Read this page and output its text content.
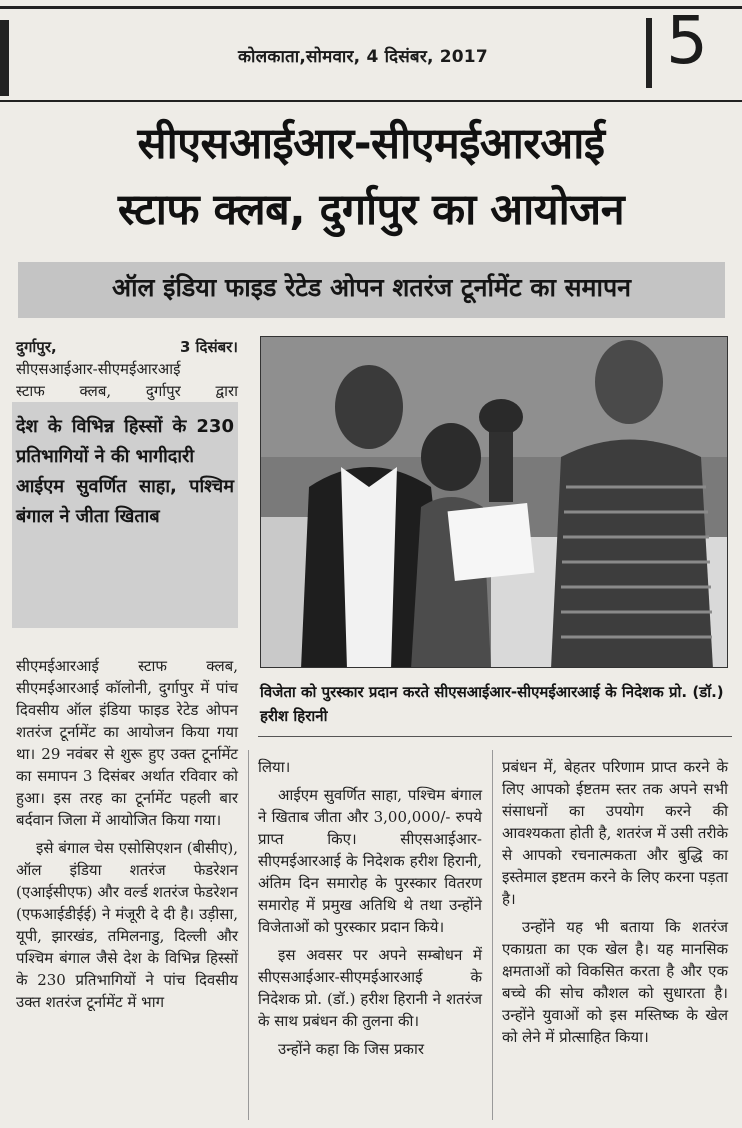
कोलकाता,सोमवार, 4 दिसंबर, 2017	5
सीएसआईआर-सीएमईआरआई
स्टाफ क्लब, दुर्गापुर का आयोजन
ऑल इंडिया फाइड रेटेड ओपन शतरंज टूर्नामेंट का समापन
दुर्गापुर,	3 दिसंबर।
सीएसआईआर-सीएमईआरआई
स्टाफ क्लब, दुर्गापुर द्वारा
देश के विभिन्न हिस्सों के 230 प्रतिभागियों ने की भागीदारी
आईएम सुवर्णित साहा, पश्चिम बंगाल ने जीता खिताब
विजेता को पुरस्कार प्रदान करते सीएसआईआर-सीएमईआरआई के निदेशक प्रो. (डॉ.) हरीश हिरानी

सीएमईआरआई स्टाफ क्लब, सीएमईआरआई कॉलोनी, दुर्गापुर में पांच दिवसीय ऑल इंडिया फाइड रेटेड ओपन शतरंज टूर्नामेंट का आयोजन किया गया था। 29 नवंबर से शुरू हुए उक्त टूर्नामेंट का समापन 3 दिसंबर अर्थात रविवार को हुआ। इस तरह का टूर्नामेंट पहली बार बर्दवान जिला में आयोजित किया गया।

इसे बंगाल चेस एसोसिएशन (बीसीए), ऑल इंडिया शतरंज फेडरेशन (एआईसीएफ) और वर्ल्ड शतरंज फेडरेशन (एफआईडीईई) ने मंजूरी दे दी है। उड़ीसा, यूपी, झारखंड, तमिलनाडु, दिल्ली और पश्चिम बंगाल जैसे देश के विभिन्न हिस्सों के 230 प्रतिभागियों ने पांच दिवसीय उक्त शतरंज टूर्नामेंट में भाग

लिया।

आईएम सुवर्णित साहा, पश्चिम बंगाल ने खिताब जीता और 3,00,000/- रुपये प्राप्त किए। सीएसआईआर-सीएमईआरआई के निदेशक हरीश हिरानी, अंतिम दिन समारोह के पुरस्कार वितरण समारोह में प्रमुख अतिथि थे तथा उन्होंने विजेताओं को पुरस्कार प्रदान किये।

इस अवसर पर अपने सम्बोधन में सीएसआईआर-सीएमईआरआई के निदेशक प्रो. (डॉ.) हरीश हिरानी ने शतरंज के साथ प्रबंधन की तुलना की।

उन्होंने कहा कि जिस प्रकार

प्रबंधन में, बेहतर परिणाम प्राप्त करने के लिए आपको ईष्टतम स्तर तक अपने सभी संसाधनों का उपयोग करने की आवश्यकता होती है, शतरंज में उसी तरीके से आपको रचनात्मकता और बुद्धि का इस्तेमाल इष्टतम करने के लिए करना पड़ता है।

उन्होंने यह भी बताया कि शतरंज एकाग्रता का एक खेल है। यह मानसिक क्षमताओं को विकसित करता है और एक बच्चे की सोच कौशल को सुधारता है। उन्होंने युवाओं को इस मस्तिष्क के खेल को लेने में प्रोत्साहित किया।
